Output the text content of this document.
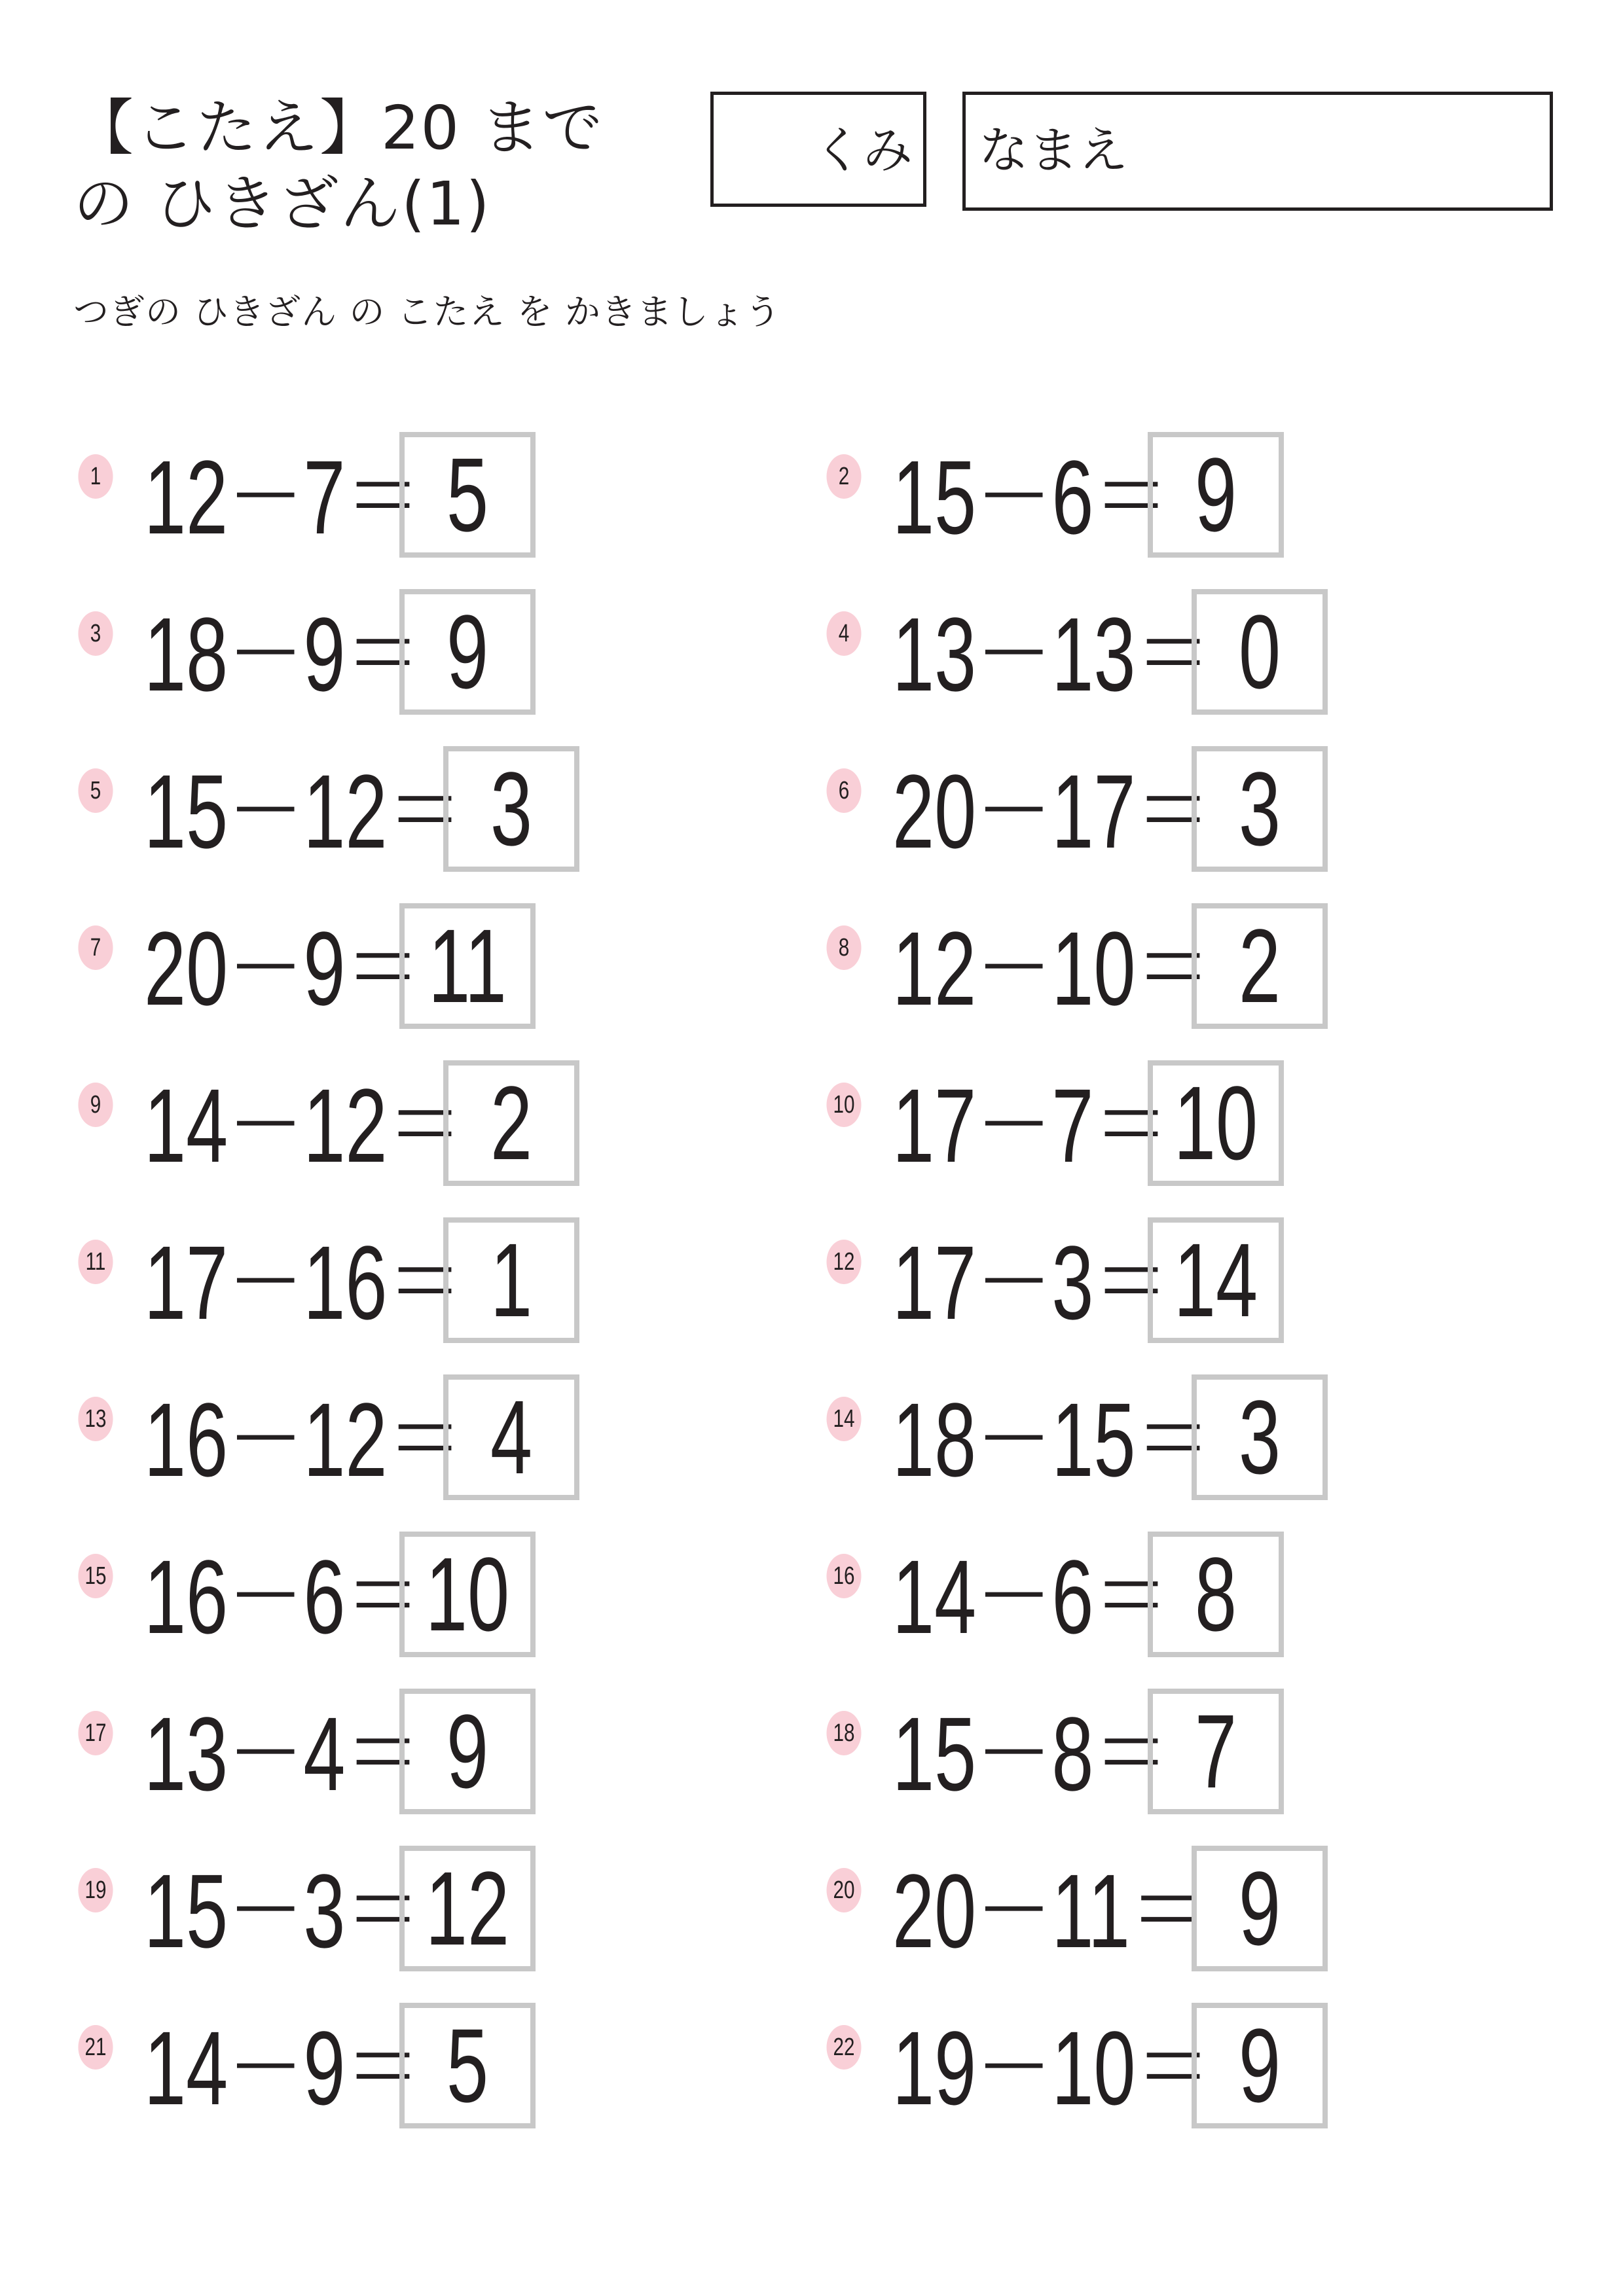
【こたえ】20 まで
の ひきざん(1)
くみ なまえ
つぎの ひきざん の こたえ を かきましょう
1 12－7＝ 5	2 15－6＝ 9
3 18－9＝ 9	4 13－13＝ 0
5 15－12＝ 3	6 20－17＝ 3
7 20－9＝ 11	8 12－10＝ 2
9 14－12＝ 2	10 17－7＝ 10
11 17－16＝ 1	12 17－3＝ 14
13 16－12＝ 4	14 18－15＝ 3
15 16－6＝ 10	16 14－6＝ 8
17 13－4＝ 9	18 15－8＝ 7
19 15－3＝ 12	20 20－11＝ 9
21 14－9＝ 5	22 19－10＝ 9
